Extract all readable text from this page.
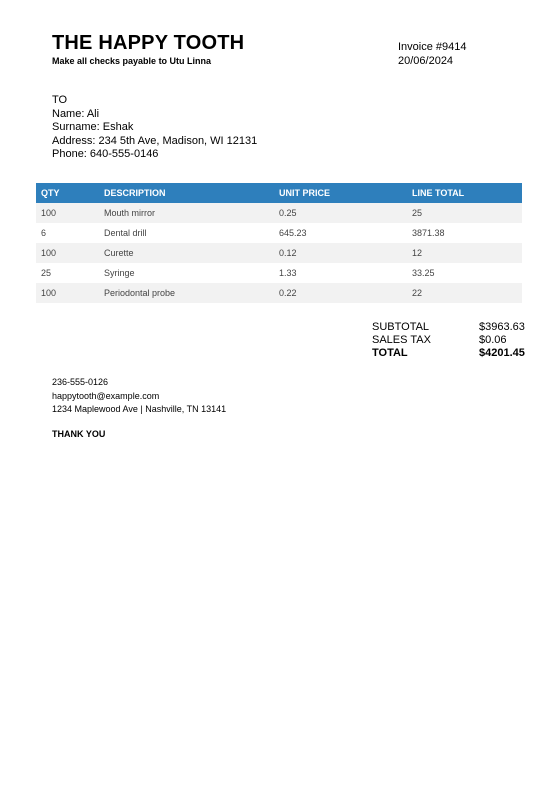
THE HAPPY TOOTH
Make all checks payable to Utu Linna
Invoice #9414
20/06/2024
TO
Name: Ali
Surname: Eshak
Address: 234 5th Ave, Madison, WI 12131
Phone: 640-555-0146
QTY	DESCRIPTION	UNIT PRICE	LINE TOTAL
100	Mouth mirror	0.25	25
6	Dental drill	645.23	3871.38
100	Curette	0.12	12
25	Syringe	1.33	33.25
100	Periodontal probe	0.22	22
SUBTOTAL	$3963.63
SALES TAX	$0.06
TOTAL	$4201.45
236-555-0126
happytooth@example.com
1234 Maplewood Ave | Nashville, TN 13141
THANK YOU
